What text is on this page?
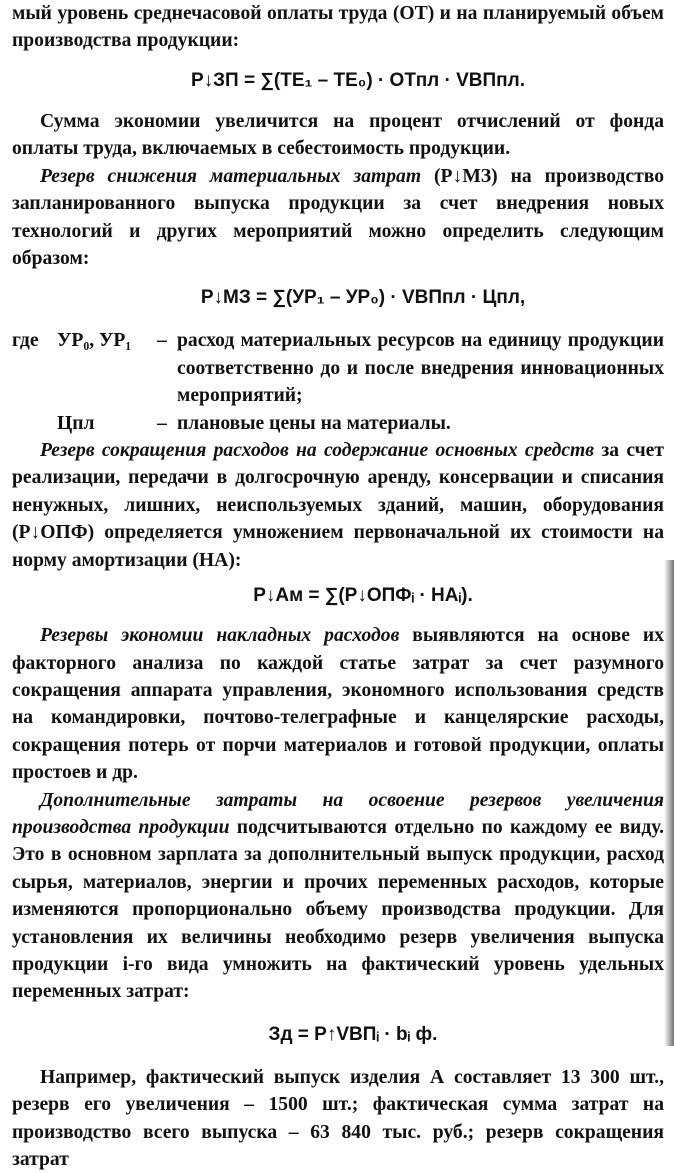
мый уровень среднечасовой оплаты труда (ОТ) и на планируемый объем производства продукции:

Р↓ЗП = ∑(ТЕ₁ – ТЕ₀) · ОТпл · VВПпл.

Сумма экономии увеличится на процент отчислений от фонда оплаты труда, включаемых в себестоимость продукции.

Резерв снижения материальных затрат (Р↓МЗ) на производство запланированного выпуска продукции за счет внедрения новых технологий и других мероприятий можно определить следующим образом:

Р↓МЗ = ∑(УР₁ – УР₀) · VВПпл · Цпл,

где УР₀, УР₁	– расход материальных ресурсов на единицу продукции соответственно до и после внедрения инновационных мероприятий;
Цпл	– плановые цены на материалы.

Резерв сокращения расходов на содержание основных средств за счет реализации, передачи в долгосрочную аренду, консервации и списания ненужных, лишних, неиспользуемых зданий, машин, оборудования (Р↓ОПФ) определяется умножением первоначальной их стоимости на норму амортизации (НА):

Р↓Ам = ∑(Р↓ОПФᵢ · НАᵢ).

Резервы экономии накладных расходов выявляются на основе их факторного анализа по каждой статье затрат за счет разумного сокращения аппарата управления, экономного использования средств на командировки, почтово-телеграфные и канцелярские расходы, сокращения потерь от порчи материалов и готовой продукции, оплаты простоев и др.

Дополнительные затраты на освоение резервов увеличения производства продукции подсчитываются отдельно по каждому ее виду. Это в основном зарплата за дополнительный выпуск продукции, расход сырья, материалов, энергии и прочих переменных расходов, которые изменяются пропорционально объему производства продукции. Для установления их величины необходимо резерв увеличения выпуска продукции i-го вида умножить на фактический уровень удельных переменных затрат:

Зд = Р↑VВПᵢ · bᵢ ф.

Например, фактический выпуск изделия А составляет 13 300 шт., резерв его увеличения – 1500 шт.; фактическая сумма затрат на производство всего выпуска – 63 840 тыс. руб.; резерв сокращения затрат
